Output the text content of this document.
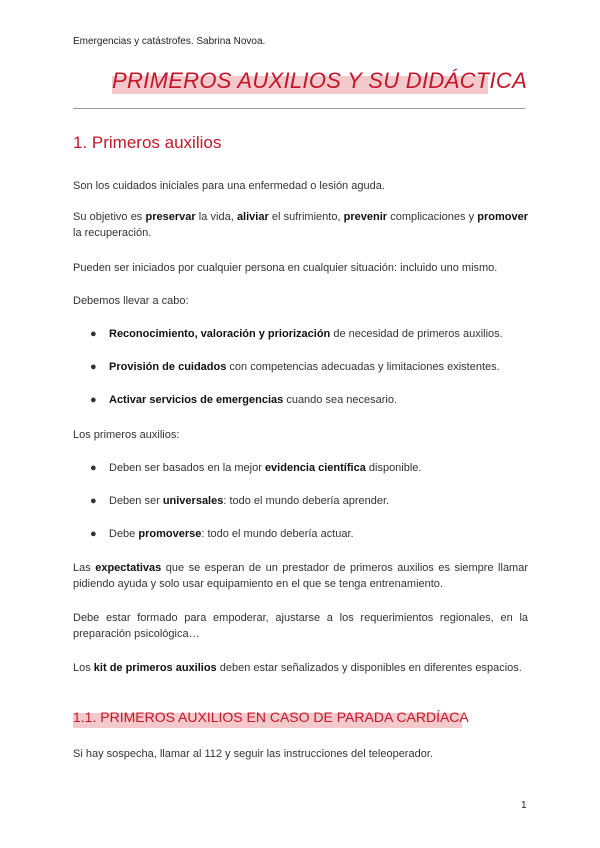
Emergencias y catástrofes. Sabrina Novoa.
PRIMEROS AUXILIOS Y SU DIDÁCTICA
1. Primeros auxilios
Son los cuidados iniciales para una enfermedad o lesión aguda.
Su objetivo es preservar la vida, aliviar el sufrimiento, prevenir complicaciones y promover la recuperación.
Pueden ser iniciados por cualquier persona en cualquier situación: incluido uno mismo.
Debemos llevar a cabo:
● Reconocimiento, valoración y priorización de necesidad de primeros auxilios.
● Provisión de cuidados con competencias adecuadas y limitaciones existentes.
● Activar servicios de emergencias cuando sea necesario.
Los primeros auxilios:
● Deben ser basados en la mejor evidencia científica disponible.
● Deben ser universales: todo el mundo debería aprender.
● Debe promoverse: todo el mundo debería actuar.
Las expectativas que se esperan de un prestador de primeros auxilios es siempre llamar pidiendo ayuda y solo usar equipamiento en el que se tenga entrenamiento.
Debe estar formado para empoderar, ajustarse a los requerimientos regionales, en la preparación psicológica…
Los kit de primeros auxilios deben estar señalizados y disponibles en diferentes espacios.
1.1. PRIMEROS AUXILIOS EN CASO DE PARADA CARDÍACA
Si hay sospecha, llamar al 112 y seguir las instrucciones del teleoperador.
1
